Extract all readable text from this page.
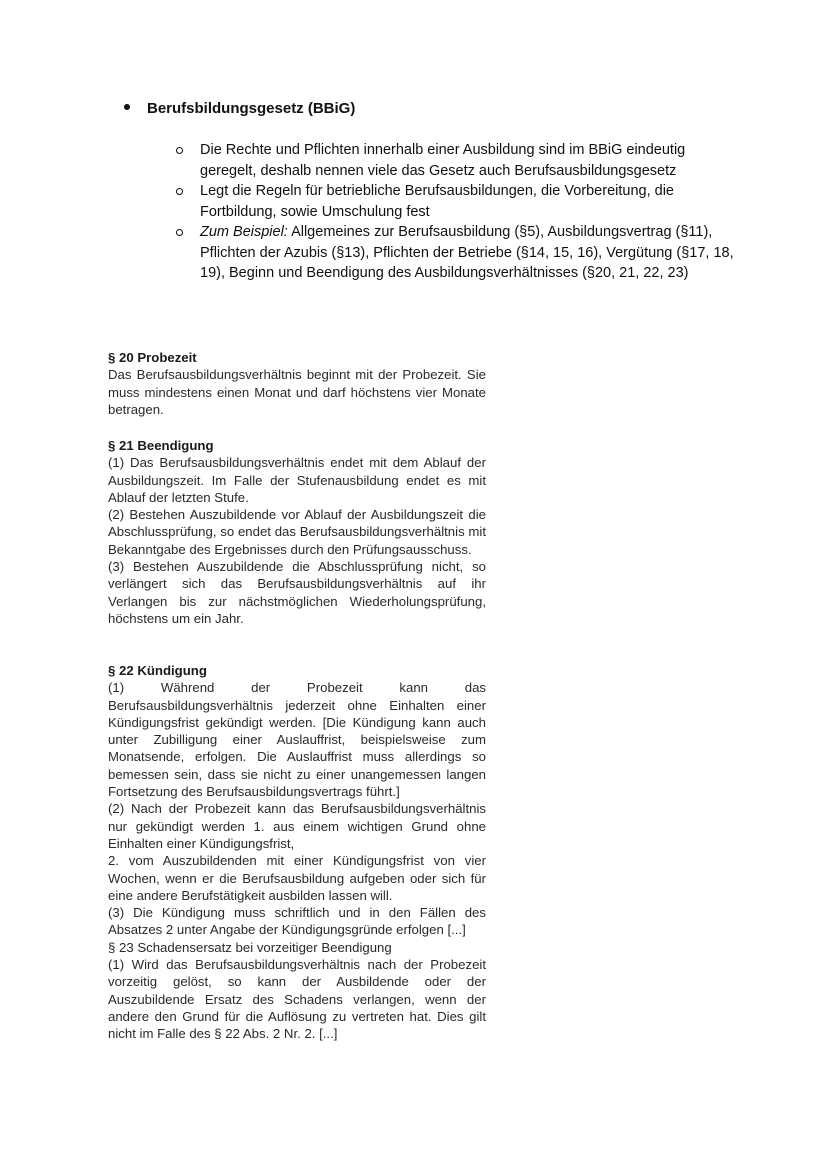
Berufsbildungsgesetz (BBiG)
Die Rechte und Pflichten innerhalb einer Ausbildung sind im BBiG eindeutig geregelt, deshalb nennen viele das Gesetz auch Berufsausbildungsgesetz
Legt die Regeln für betriebliche Berufsausbildungen, die Vorbereitung, die Fortbildung, sowie Umschulung fest
Zum Beispiel: Allgemeines zur Berufsausbildung (§5), Ausbildungsvertrag (§11), Pflichten der Azubis (§13), Pflichten der Betriebe (§14, 15, 16), Vergütung (§17, 18, 19), Beginn und Beendigung des Ausbildungsverhältnisses (§20, 21, 22, 23)
§ 20 Probezeit

Das Berufsausbildungsverhältnis beginnt mit der Probezeit. Sie muss mindestens einen Monat und darf höchstens vier Monate betragen.

§ 21 Beendigung

(1) Das Berufsausbildungsverhältnis endet mit dem Ablauf der Ausbildungszeit. Im Falle der Stufenausbildung endet es mit Ablauf der letzten Stufe.

(2) Bestehen Auszubildende vor Ablauf der Ausbildungszeit die Abschlussprüfung, so endet das Berufsausbildungsverhältnis mit Bekanntgabe des Ergebnisses durch den Prüfungsausschuss.

(3) Bestehen Auszubildende die Abschlussprüfung nicht, so verlängert sich das Berufsausbildungsverhältnis auf ihr Verlangen bis zur nächstmöglichen Wiederholungsprüfung, höchstens um ein Jahr.

§ 22 Kündigung

(1) Während der Probezeit kann das Berufsausbildungsverhältnis jederzeit ohne Einhalten einer Kündigungsfrist gekündigt werden. [Die Kündigung kann auch unter Zubilligung einer Auslauffrist, beispielsweise zum Monatsende, erfolgen. Die Auslauffrist muss allerdings so bemessen sein, dass sie nicht zu einer unangemessen langen Fortsetzung des Berufsausbildungsvertrags führt.]

(2) Nach der Probezeit kann das Berufsausbildungsverhältnis nur gekündigt werden 1. aus einem wichtigen Grund ohne Einhalten einer Kündigungsfrist,

2. vom Auszubildenden mit einer Kündigungsfrist von vier Wochen, wenn er die Berufsausbildung aufgeben oder sich für eine andere Berufstätigkeit ausbilden lassen will.

(3) Die Kündigung muss schriftlich und in den Fällen des Absatzes 2 unter Angabe der Kündigungsgründe erfolgen [...]

§ 23 Schadensersatz bei vorzeitiger Beendigung

(1) Wird das Berufsausbildungsverhältnis nach der Probezeit vorzeitig gelöst, so kann der Ausbildende oder der Auszubildende Ersatz des Schadens verlangen, wenn der andere den Grund für die Auflösung zu vertreten hat. Dies gilt nicht im Falle des § 22 Abs. 2 Nr. 2. [...]
